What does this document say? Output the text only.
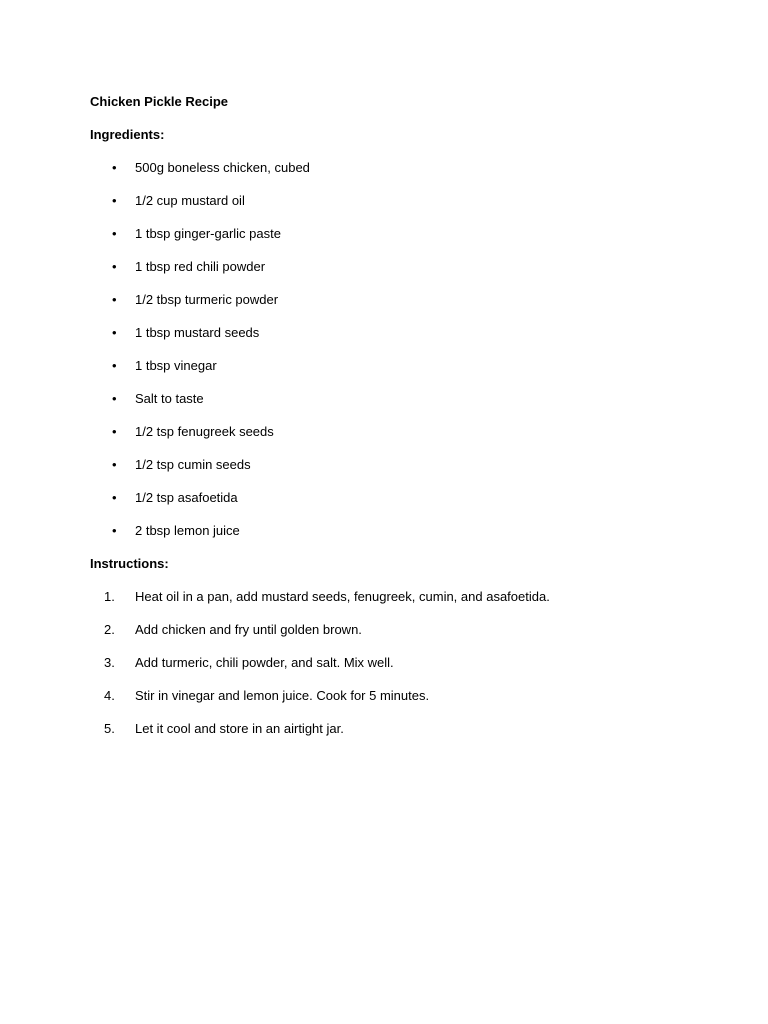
Chicken Pickle Recipe
Ingredients:
•	500g boneless chicken, cubed
•	1/2 cup mustard oil
•	1 tbsp ginger-garlic paste
•	1 tbsp red chili powder
•	1/2 tbsp turmeric powder
•	1 tbsp mustard seeds
•	1 tbsp vinegar
•	Salt to taste
•	1/2 tsp fenugreek seeds
•	1/2 tsp cumin seeds
•	1/2 tsp asafoetida
•	2 tbsp lemon juice
Instructions:
1.	Heat oil in a pan, add mustard seeds, fenugreek, cumin, and asafoetida.
2.	Add chicken and fry until golden brown.
3.	Add turmeric, chili powder, and salt. Mix well.
4.	Stir in vinegar and lemon juice. Cook for 5 minutes.
5.	Let it cool and store in an airtight jar.
